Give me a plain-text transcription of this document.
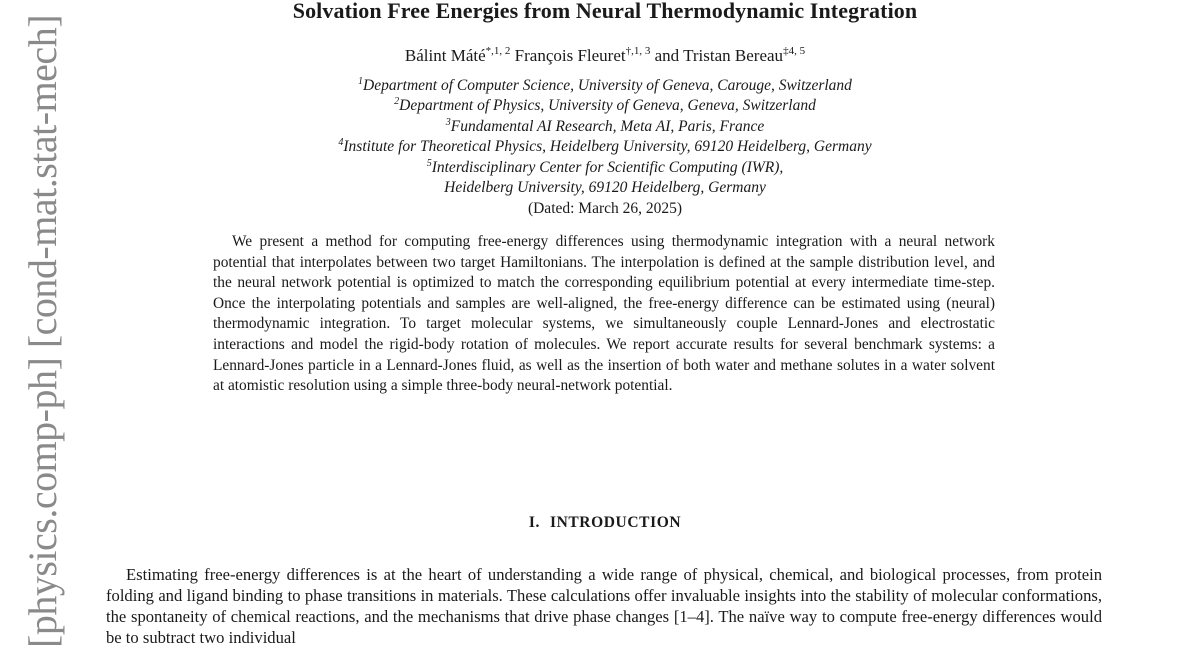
[physics.comp-ph] [cond-mat.stat-mech]
Solvation Free Energies from Neural Thermodynamic Integration
Bálint Máté$^{*,1, 2}$ François Fleuret$^{\dagger,1, 3}$ and Tristan Bereau$^{\ddagger 4, 5}$
$^1$Department of Computer Science, University of Geneva, Carouge, Switzerland
$^2$Department of Physics, University of Geneva, Geneva, Switzerland
$^3$Fundamental AI Research, Meta AI, Paris, France
$^4$Institute for Theoretical Physics, Heidelberg University, 69120 Heidelberg, Germany
$^5$Interdisciplinary Center for Scientific Computing (IWR),
Heidelberg University, 69120 Heidelberg, Germany
(Dated: March 26, 2025)
We present a method for computing free-energy differences using thermodynamic integration with a neural network potential that interpolates between two target Hamiltonians. The interpolation is defined at the sample distribution level, and the neural network potential is optimized to match the corresponding equilibrium potential at every intermediate time-step. Once the interpolating potentials and samples are well-aligned, the free-energy difference can be estimated using (neural) thermodynamic integration. To target molecular systems, we simultaneously couple Lennard-Jones and electrostatic interactions and model the rigid-body rotation of molecules. We report accurate results for several benchmark systems: a Lennard-Jones particle in a Lennard-Jones fluid, as well as the insertion of both water and methane solutes in a water solvent at atomistic resolution using a simple three-body neural-network potential.
I. INTRODUCTION
Estimating free-energy differences is at the heart of understanding a wide range of physical, chemical, and biological processes, from protein folding and ligand binding to phase transitions in materials. These calculations offer invaluable insights into the stability of molecular conformations, the spontaneity of chemical reactions, and the mechanisms that drive phase changes [1–4]. The naïve way to compute free-energy differences would be to subtract two individual
